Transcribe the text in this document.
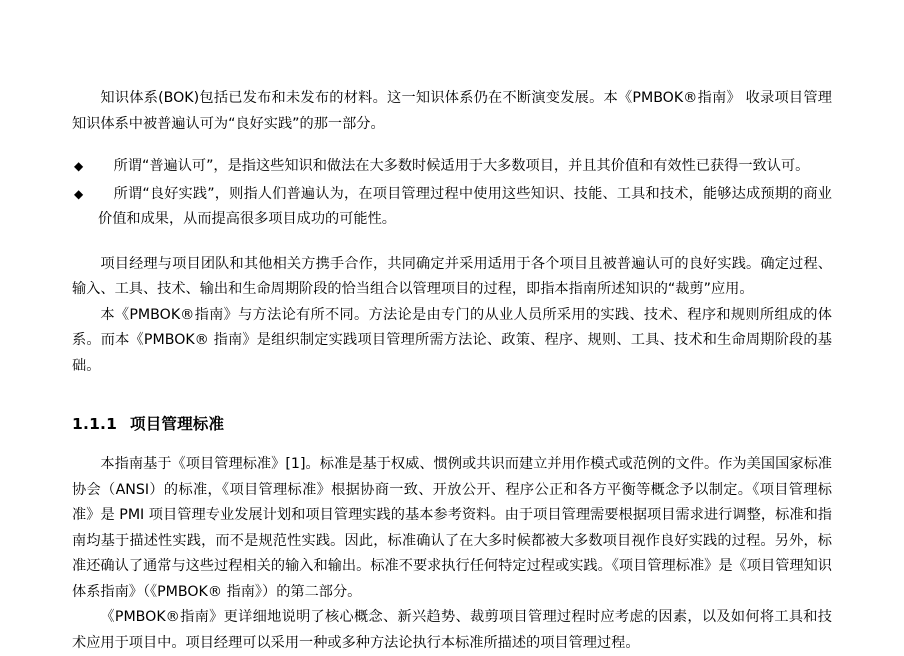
知识体系(BOK)包括已发布和未发布的材料。这一知识体系仍在不断演变发展。本《PMBOK®指南》 收录项目管理知识体系中被普遍认可为“良好实践”的那一部分。

◆	所谓“普遍认可”，是指这些知识和做法在大多数时候适用于大多数项目，并且其价值和有效性已获得一致认可。
◆	所谓“良好实践”，则指人们普遍认为，在项目管理过程中使用这些知识、技能、工具和技术，能够达成预期的商业价值和成果，从而提高很多项目成功的可能性。

项目经理与项目团队和其他相关方携手合作，共同确定并采用适用于各个项目且被普遍认可的良好实践。确定过程、输入、工具、技术、输出和生命周期阶段的恰当组合以管理项目的过程，即指本指南所述知识的“裁剪”应用。

本《PMBOK®指南》与方法论有所不同。方法论是由专门的从业人员所采用的实践、技术、程序和规则所组成的体系。而本《PMBOK® 指南》是组织制定实践项目管理所需方法论、政策、程序、规则、工具、技术和生命周期阶段的基础。

1.1.1 项目管理标准

本指南基于《项目管理标准》[1]。标准是基于权威、惯例或共识而建立并用作模式或范例的文件。作为美国国家标准协会（ANSI）的标准，《项目管理标准》根据协商一致、开放公开、程序公正和各方平衡等概念予以制定。《项目管理标准》是 PMI 项目管理专业发展计划和项目管理实践的基本参考资料。由于项目管理需要根据项目需求进行调整，标准和指南均基于描述性实践，而不是规范性实践。因此，标准确认了在大多时候都被大多数项目视作良好实践的过程。另外，标准还确认了通常与这些过程相关的输入和输出。标准不要求执行任何特定过程或实践。《项目管理标准》是《项目管理知识体系指南》（《PMBOK® 指南》）的第二部分。

《PMBOK®指南》更详细地说明了核心概念、新兴趋势、裁剪项目管理过程时应考虑的因素，以及如何将工具和技术应用于项目中。项目经理可以采用一种或多种方法论执行本标准所描述的项目管理过程。
